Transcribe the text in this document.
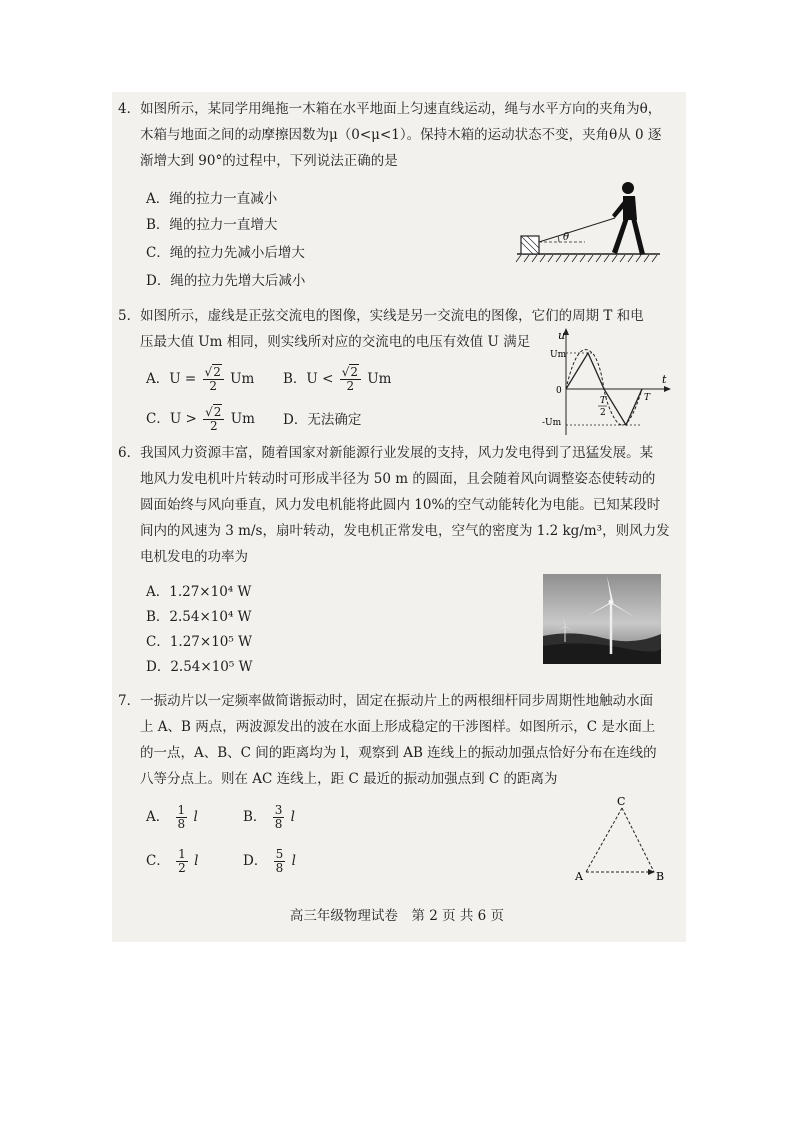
4．如图所示，某同学用绳拖一木箱在水平地面上匀速直线运动，绳与水平方向的夹角为θ，
木箱与地面之间的动摩擦因数为μ（0<μ<1）。保持木箱的运动状态不变，夹角θ从 0 逐
渐增大到 90°的过程中，下列说法正确的是
A．绳的拉力一直减小
B．绳的拉力一直增大
C．绳的拉力先减小后增大
D．绳的拉力先增大后减小
θ
5．如图所示，虚线是正弦交流电的图像，实线是另一交流电的图像，它们的周期 T 和电
压最大值 Um 相同，则实线所对应的交流电的电压有效值 U 满足
A．$U = \frac{√2}{2}$ Um B．$U < \frac{√2}{2}$ Um
C．$U > \frac{√2}{2}$ Um D．无法确定
u
t
Um
0
-Um
T
2
T
6．我国风力资源丰富，随着国家对新能源行业发展的支持，风力发电得到了迅猛发展。某
地风力发电机叶片转动时可形成半径为 50 m 的圆面，且会随着风向调整姿态使转动的
圆面始终与风向垂直，风力发电机能将此圆内 10%的空气动能转化为电能。已知某段时
间内的风速为 3 m/s，扇叶转动，发电机正常发电，空气的密度为 1.2 kg/m³，则风力发
电机发电的功率为
A．1.27×10⁴ W
B．2.54×10⁴ W
C．1.27×10⁵ W
D．2.54×10⁵ W
7．一振动片以一定频率做简谐振动时，固定在振动片上的两根细杆同步周期性地触动水面
上 A、B 两点，两波源发出的波在水面上形成稳定的干涉图样。如图所示，C 是水面上
的一点，A、B、C 间的距离均为 l，观察到 AB 连线上的振动加强点恰好分布在连线的
八等分点上。则在 AC 连线上，距 C 最近的振动加强点到 C 的距离为
A． $\frac{1}{8}$ l	B． $\frac{3}{8}$ l
C． $\frac{1}{2}$ l	D． $\frac{5}{8}$ l
C
A	B
高三年级物理试卷　第 2 页 共 6 页
